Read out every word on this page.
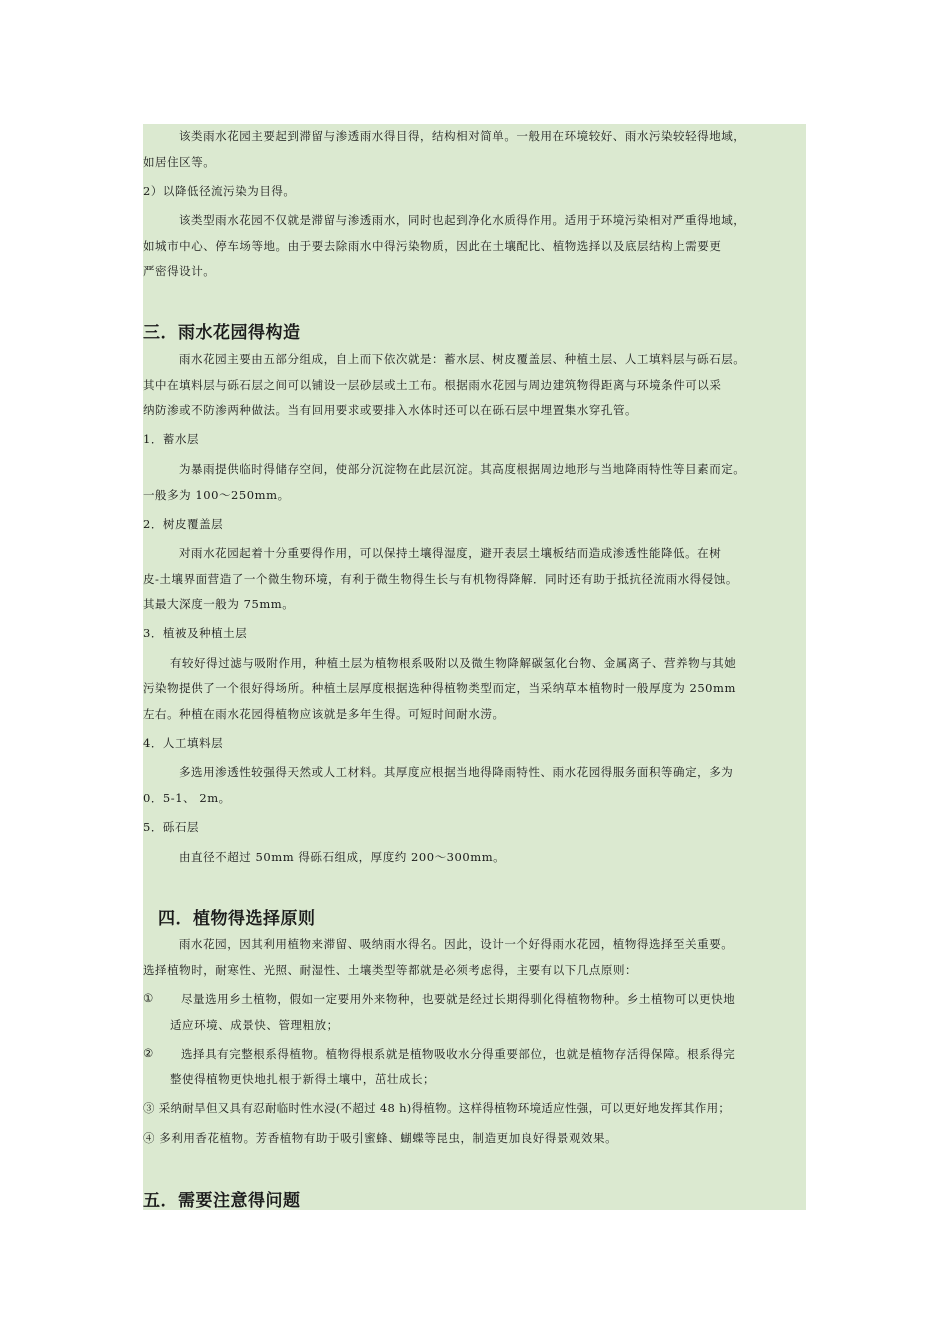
该类雨水花园主要起到滞留与渗透雨水得目得，结构相对简单。一般用在环境较好、雨水污染较轻得地域，
如居住区等。
2）以降低径流污染为目得。
该类型雨水花园不仅就是滞留与渗透雨水，同时也起到净化水质得作用。适用于环境污染相对严重得地域，
如城市中心、停车场等地。由于要去除雨水中得污染物质，因此在土壤配比、植物选择以及底层结构上需要更
严密得设计。
三．雨水花园得构造
雨水花园主要由五部分组成，自上而下依次就是：蓄水层、树皮覆盖层、种植土层、人工填料层与砾石层。
其中在填料层与砾石层之间可以铺设一层砂层或土工布。根据雨水花园与周边建筑物得距离与环境条件可以采
纳防渗或不防渗两种做法。当有回用要求或要排入水体时还可以在砾石层中埋置集水穿孔管。
1．蓄水层
为暴雨提供临时得储存空间，使部分沉淀物在此层沉淀。其高度根据周边地形与当地降雨特性等目素而定。
一般多为 100～250mm。
2．树皮覆盖层
对雨水花园起着十分重要得作用，可以保持土壤得湿度，避开表层土壤板结而造成渗透性能降低。在树
皮-土壤界面营造了一个微生物环境，有利于微生物得生长与有机物得降解．同时还有助于抵抗径流雨水得侵蚀。
其最大深度一般为 75mm。
3．植被及种植土层
有较好得过滤与吸附作用，种植土层为植物根系吸附以及微生物降解碳氢化台物、金属离子、营养物与其她
污染物提供了一个很好得场所。种植土层厚度根据选种得植物类型而定，当采纳草本植物时一般厚度为 250mm
左右。种植在雨水花园得植物应该就是多年生得。可短时间耐水涝。
4．人工填料层
多选用渗透性较强得天然或人工材料。其厚度应根据当地得降雨特性、雨水花园得服务面积等确定，多为
0．5-1、 2m。
5．砾石层
由直径不超过 50mm 得砾石组成，厚度约 200～300mm。
四．植物得选择原则
雨水花园，因其利用植物来滞留、吸纳雨水得名。因此，设计一个好得雨水花园，植物得选择至关重要。
选择植物时，耐寒性、光照、耐湿性、土壤类型等都就是必须考虑得，主要有以下几点原则：
① 尽量选用乡土植物，假如一定要用外来物种，也要就是经过长期得驯化得植物物种。乡土植物可以更快地
适应环境、成景快、管理粗放；
② 选择具有完整根系得植物。植物得根系就是植物吸收水分得重要部位，也就是植物存活得保障。根系得完
整使得植物更快地扎根于新得土壤中，茁壮成长；
③ 采纳耐旱但又具有忍耐临时性水浸(不超过 48 h)得植物。这样得植物环境适应性强，可以更好地发挥其作用；
④ 多利用香花植物。芳香植物有助于吸引蜜蜂、蝴蝶等昆虫，制造更加良好得景观效果。
五．需要注意得问题
